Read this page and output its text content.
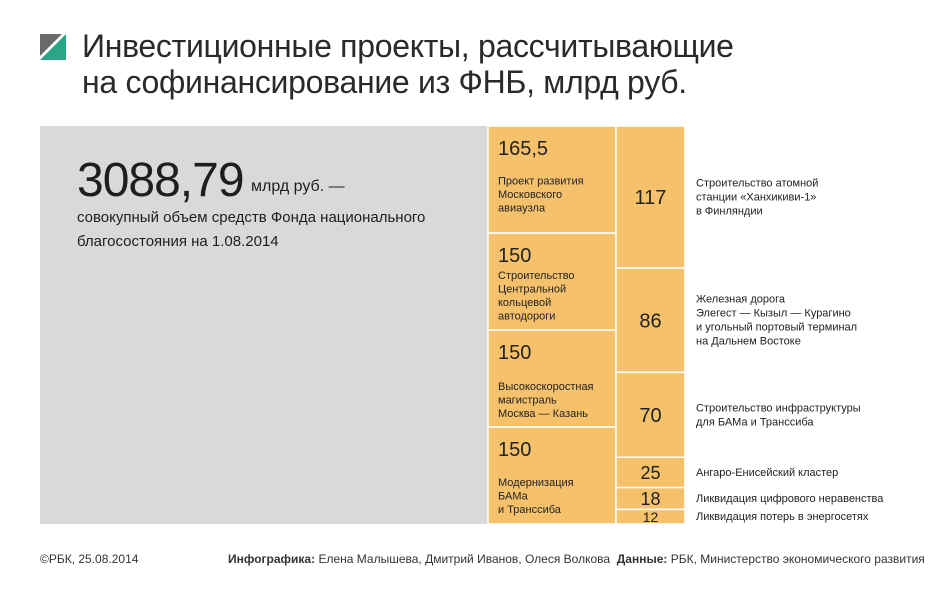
Инвестиционные проекты, рассчитывающие
на софинансирование из ФНБ, млрд руб.
3088,79 млрд руб. —
совокупный объем средств Фонда национального
благосостояния на 1.08.2014
165,5
Проект развития
Московского
авиаузла
150
Строительство
Центральной
кольцевой
автодороги
150
Высокоскоростная
магистраль
Москва — Казань
150
Модернизация
БАМа
и Транссиба
117
Строительство атомной
станции «Ханхикиви-1»
в Финляндии
86
Железная дорога
Элегест — Кызыл — Курагино
и угольный портовый терминал
на Дальнем Востоке
70	Строительство инфраструктуры
для БАМа и Транссиба
25	Ангаро-Енисейский кластер
18	Ликвидация цифрового неравенства
12	Ликвидация потерь в энергосетях
©РБК, 25.08.2014	Инфографика: Елена Малышева, Дмитрий Иванов, Олеся Волкова Данные: РБК, Министерство экономического развития
